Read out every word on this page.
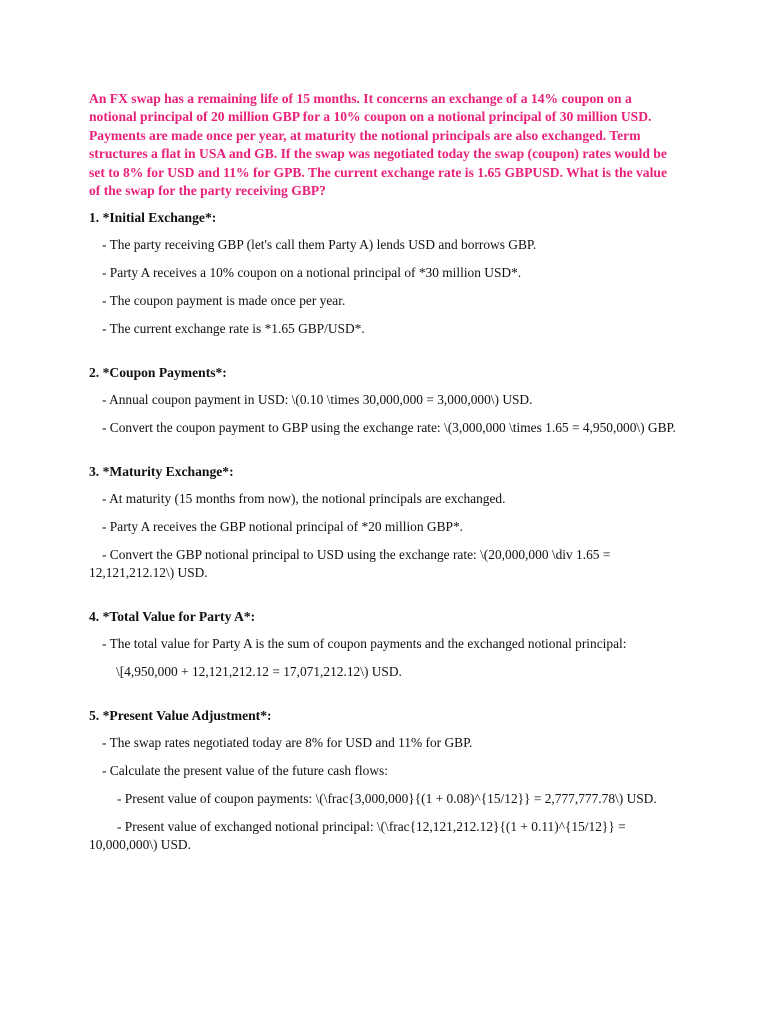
An FX swap has a remaining life of 15 months. It concerns an exchange of a 14% coupon on a notional principal of 20 million GBP for a 10% coupon on a notional principal of 30 million USD. Payments are made once per year, at maturity the notional principals are also exchanged. Term structures a flat in USA and GB. If the swap was negotiated today the swap (coupon) rates would be set to 8% for USD and 11% for GPB. The current exchange rate is 1.65 GBPUSD. What is the value of the swap for the party receiving GBP?

1. *Initial Exchange*:
- The party receiving GBP (let's call them Party A) lends USD and borrows GBP.
- Party A receives a 10% coupon on a notional principal of *30 million USD*.
- The coupon payment is made once per year.
- The current exchange rate is *1.65 GBP/USD*.
2. *Coupon Payments*:
- Annual coupon payment in USD: \(0.10 \times 30,000,000 = 3,000,000\) USD.
- Convert the coupon payment to GBP using the exchange rate: \(3,000,000 \times 1.65 = 4,950,000\) GBP.
3. *Maturity Exchange*:
- At maturity (15 months from now), the notional principals are exchanged.
- Party A receives the GBP notional principal of *20 million GBP*.
- Convert the GBP notional principal to USD using the exchange rate: \(20,000,000 \div 1.65 = 12,121,212.12\) USD.
4. *Total Value for Party A*:
- The total value for Party A is the sum of coupon payments and the exchanged notional principal:
\[4,950,000 + 12,121,212.12 = 17,071,212.12\) USD.
5. *Present Value Adjustment*:
- The swap rates negotiated today are 8% for USD and 11% for GBP.
- Calculate the present value of the future cash flows:
- Present value of coupon payments: \(\frac{3,000,000}{(1 + 0.08)^{15/12}} = 2,777,777.78\) USD.
- Present value of exchanged notional principal: \(\frac{12,121,212.12}{(1 + 0.11)^{15/12}} = 10,000,000\) USD.
